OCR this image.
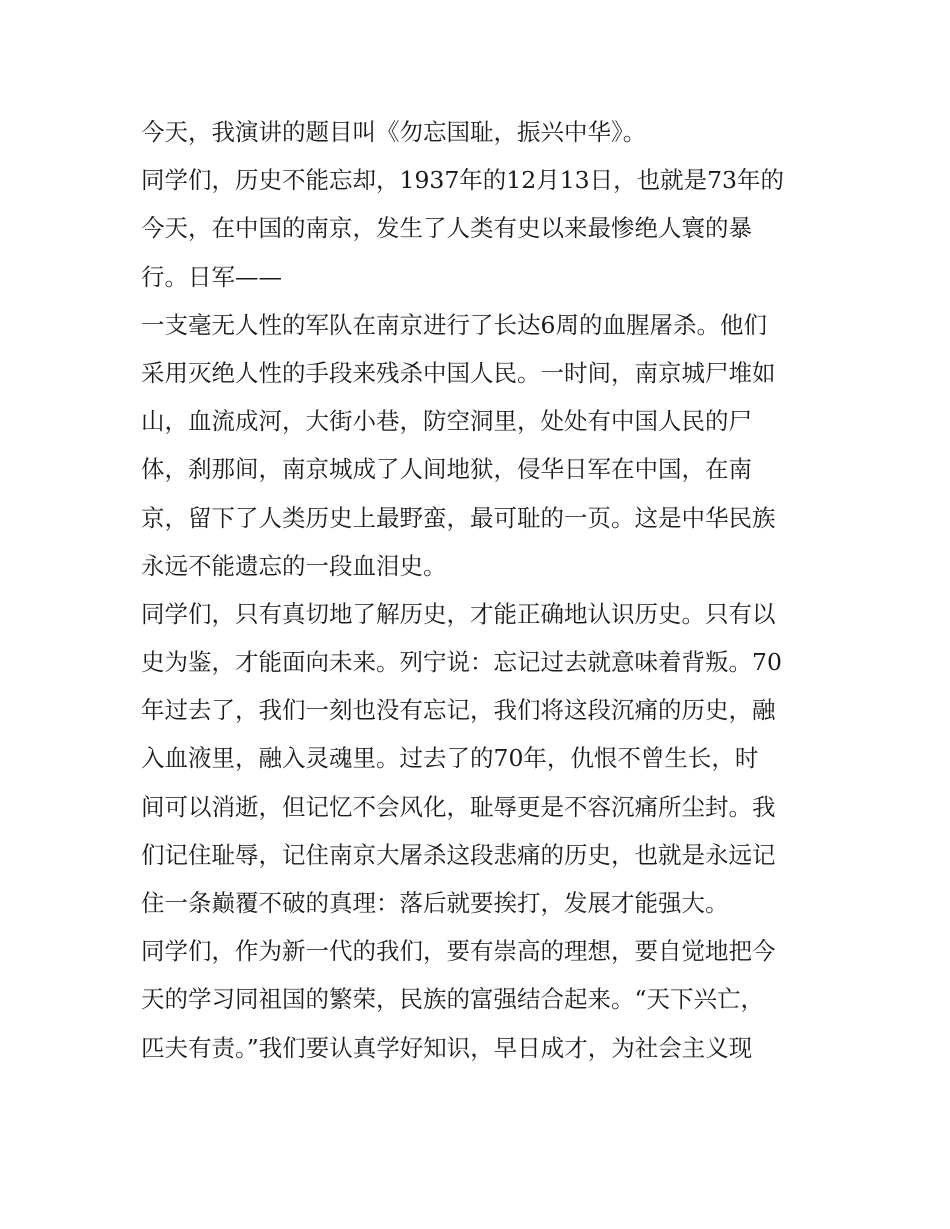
今天，我演讲的题目叫《勿忘国耻，振兴中华》。
同学们，历史不能忘却，1937年的12月13日，也就是73年的
今天，在中国的南京，发生了人类有史以来最惨绝人寰的暴
行。日军——
一支毫无人性的军队在南京进行了长达6周的血腥屠杀。他们
采用灭绝人性的手段来残杀中国人民。一时间，南京城尸堆如
山，血流成河，大街小巷，防空洞里，处处有中国人民的尸
体，刹那间，南京城成了人间地狱，侵华日军在中国，在南
京，留下了人类历史上最野蛮，最可耻的一页。这是中华民族
永远不能遗忘的一段血泪史。
同学们，只有真切地了解历史，才能正确地认识历史。只有以
史为鉴，才能面向未来。列宁说：忘记过去就意味着背叛。70
年过去了，我们一刻也没有忘记，我们将这段沉痛的历史，融
入血液里，融入灵魂里。过去了的70年，仇恨不曾生长，时
间可以消逝，但记忆不会风化，耻辱更是不容沉痛所尘封。我
们记住耻辱，记住南京大屠杀这段悲痛的历史，也就是永远记
住一条巅覆不破的真理：落后就要挨打，发展才能强大。
同学们，作为新一代的我们，要有崇高的理想，要自觉地把今
天的学习同祖国的繁荣，民族的富强结合起来。“天下兴亡，
匹夫有责。”我们要认真学好知识，早日成才，为社会主义现
